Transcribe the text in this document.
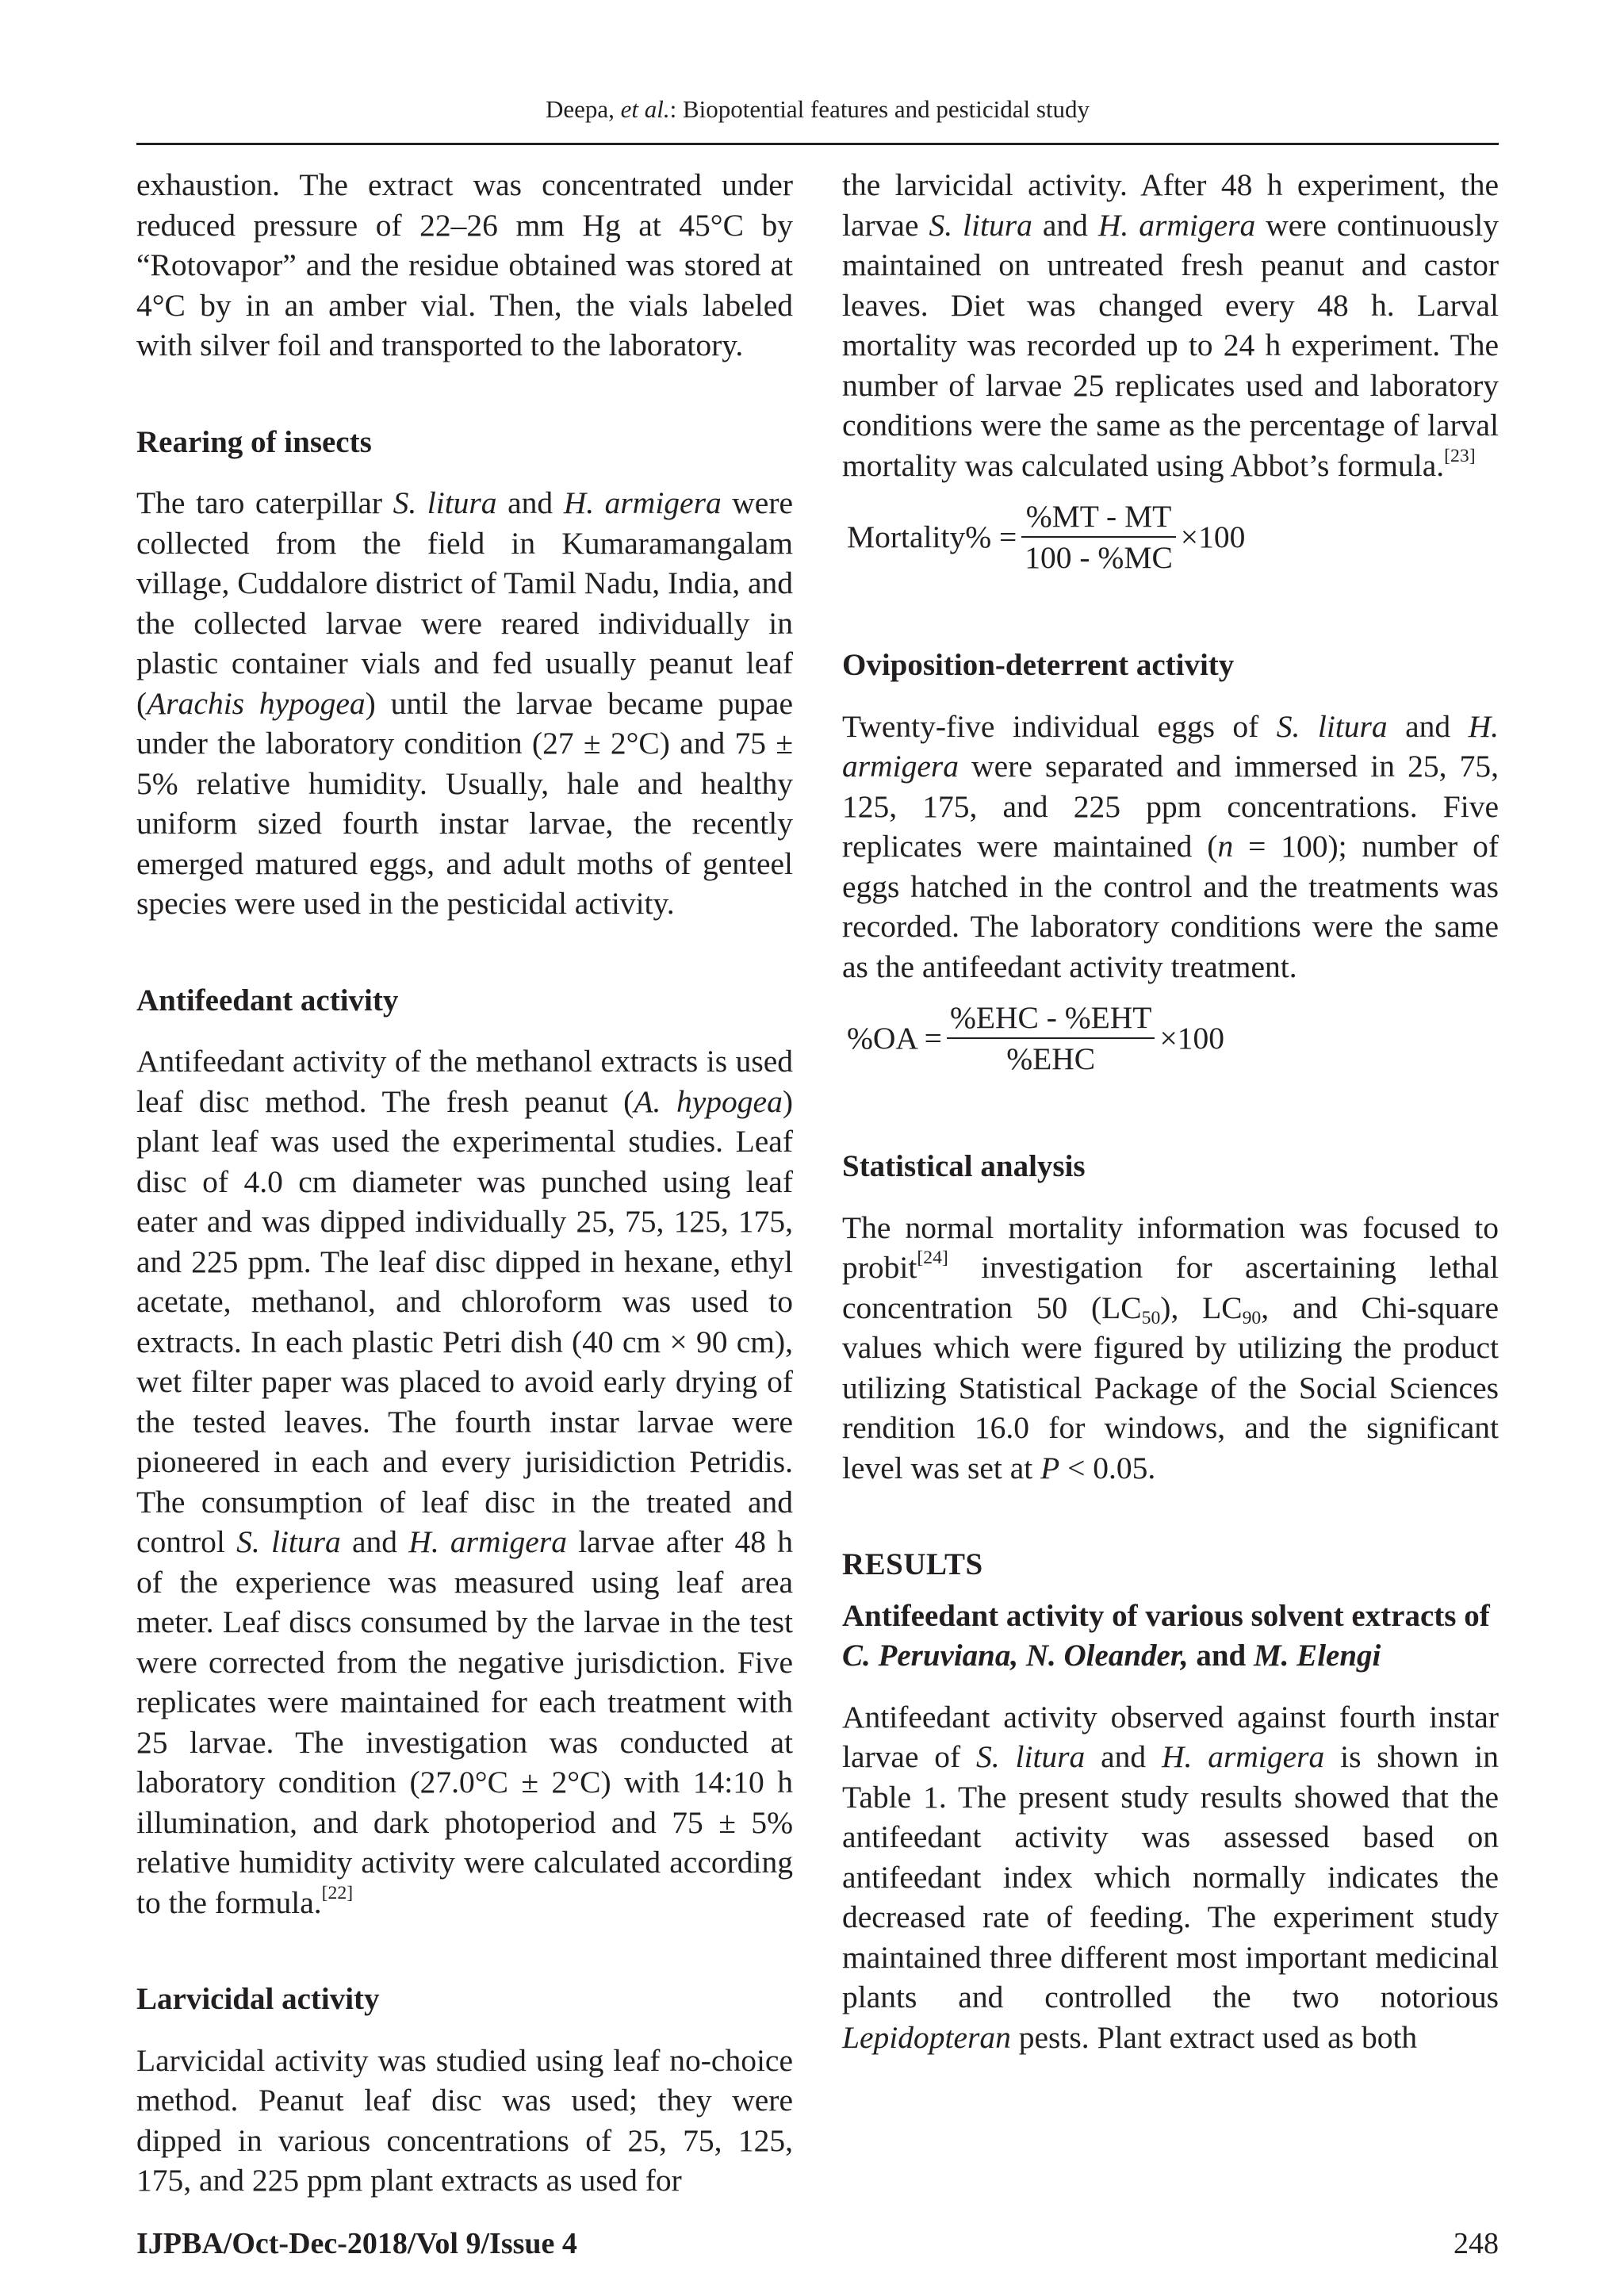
Deepa, et al.: Biopotential features and pesticidal study

exhaustion. The extract was concentrated under reduced pressure of 22–26 mm Hg at 45°C by “Rotovapor” and the residue obtained was stored at 4°C by in an amber vial. Then, the vials labeled with silver foil and transported to the laboratory.

Rearing of insects

The taro caterpillar S. litura and H. armigera were collected from the field in Kumaramangalam village, Cuddalore district of Tamil Nadu, India, and the collected larvae were reared individually in plastic container vials and fed usually peanut leaf (Arachis hypogea) until the larvae became pupae under the laboratory condition (27 ± 2°C) and 75 ± 5% relative humidity. Usually, hale and healthy uniform sized fourth instar larvae, the recently emerged matured eggs, and adult moths of genteel species were used in the pesticidal activity.

Antifeedant activity

Antifeedant activity of the methanol extracts is used leaf disc method. The fresh peanut (A. hypogea) plant leaf was used the experimental studies. Leaf disc of 4.0 cm diameter was punched using leaf eater and was dipped individually 25, 75, 125, 175, and 225 ppm. The leaf disc dipped in hexane, ethyl acetate, methanol, and chloroform was used to extracts. In each plastic Petri dish (40 cm × 90 cm), wet filter paper was placed to avoid early drying of the tested leaves. The fourth instar larvae were pioneered in each and every jurisidiction Petridis. The consumption of leaf disc in the treated and control S. litura and H. armigera larvae after 48 h of the experience was measured using leaf area meter. Leaf discs consumed by the larvae in the test were corrected from the negative jurisdiction. Five replicates were maintained for each treatment with 25 larvae. The investigation was conducted at laboratory condition (27.0°C ± 2°C) with 14:10 h illumination, and dark photoperiod and 75 ± 5% relative humidity activity were calculated according to the formula.[22]

Larvicidal activity

Larvicidal activity was studied using leaf no-choice method. Peanut leaf disc was used; they were dipped in various concentrations of 25, 75, 125, 175, and 225 ppm plant extracts as used for

the larvicidal activity. After 48 h experiment, the larvae S. litura and H. armigera were continuously maintained on untreated fresh peanut and castor leaves. Diet was changed every 48 h. Larval mortality was recorded up to 24 h experiment. The number of larvae 25 replicates used and laboratory conditions were the same as the percentage of larval mortality was calculated using Abbot’s formula.[23]

Mortality% = $\frac{\%MT - MT}{100 - \%MC} \times 100$
Oviposition-deterrent activity

Twenty-five individual eggs of S. litura and H. armigera were separated and immersed in 25, 75, 125, 175, and 225 ppm concentrations. Five replicates were maintained (n = 100); number of eggs hatched in the control and the treatments was recorded. The laboratory conditions were the same as the antifeedant activity treatment.

$\%OA = \frac{\text{\%EHC - \%EHT}}{\text{\%EHC}} \times 100$
Statistical analysis

The normal mortality information was focused to probit[24] investigation for ascertaining lethal concentration 50 $(LC_{50})$, $LC_{90}$, and Chi-square values which were figured by utilizing the product utilizing Statistical Package of the Social Sciences rendition 16.0 for windows, and the significant level was set at P < 0.05.

RESULTS
Antifeedant activity of various solvent extracts of C. Peruviana, N. Oleander, and M. Elengi

Antifeedant activity observed against fourth instar larvae of S. litura and H. armigera is shown in Table 1. The present study results showed that the antifeedant activity was assessed based on antifeedant index which normally indicates the decreased rate of feeding. The experiment study maintained three different most important medicinal plants and controlled the two notorious Lepidopteran pests. Plant extract used as both

IJPBA/Oct-Dec-2018/Vol 9/Issue 4	248
